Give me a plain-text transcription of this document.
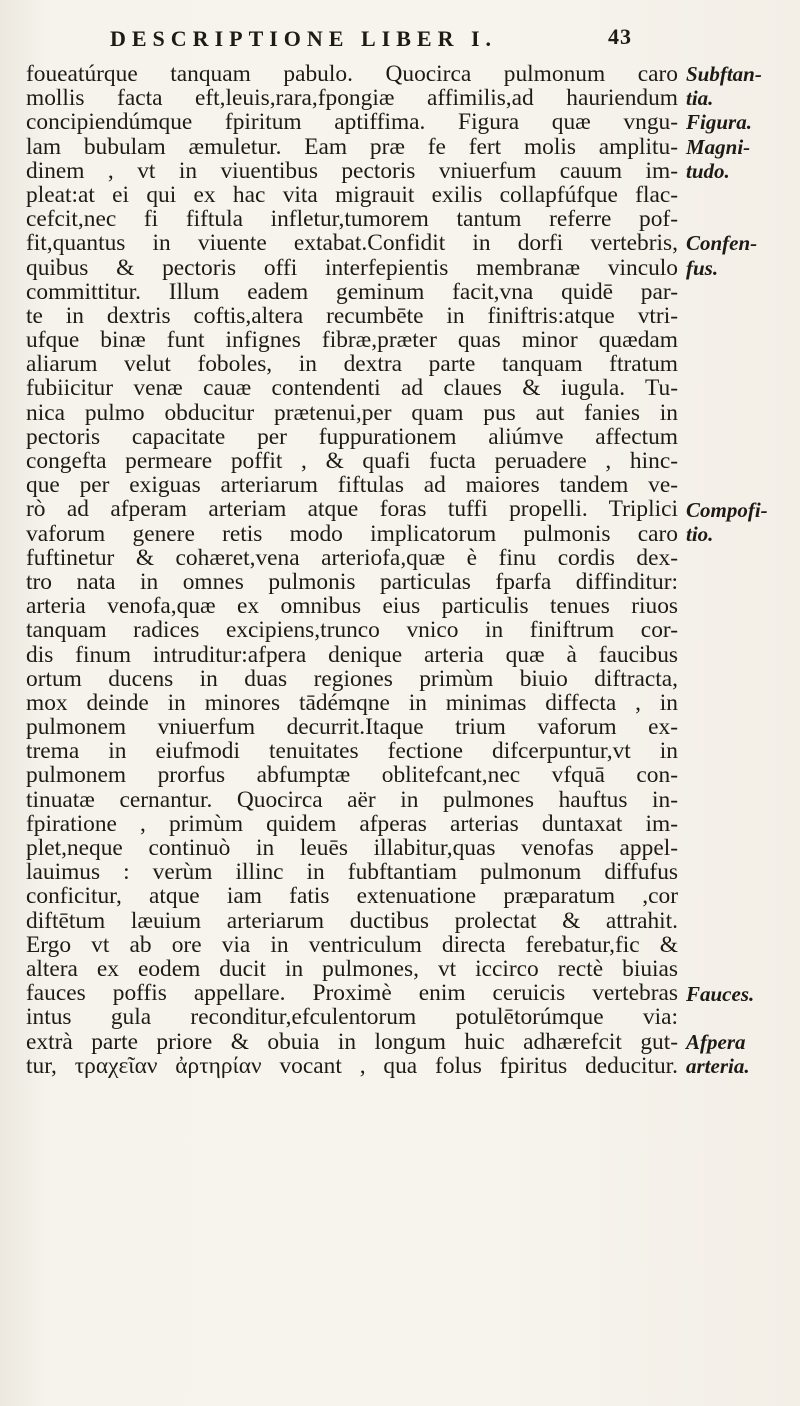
DESCRIPTIONE LIBER I.	43
foueatúrque tanquam pabulo. Quocirca pulmonum caro
mollis facta eft,leuis,rara,fpongiæ affimilis,ad hauriendum
concipiendúmque fpiritum aptiffima. Figura quæ vngu-
lam bubulam æmuletur. Eam præ fe fert molis amplitu-
dinem , vt in viuentibus pectoris vniuerfum cauum im-
pleat:at ei qui ex hac vita migrauit exilis collapfúfque flac-
cefcit,nec fi fiftula infletur,tumorem tantum referre pof-
fit,quantus in viuente extabat.Confidit in dorfi vertebris,
quibus & pectoris offi interfepientis membranæ vinculo
committitur. Illum eadem geminum facit,vna quidē par-
te in dextris coftis,altera recumbēte in finiftris:atque vtri-
ufque binæ funt infignes fibræ,præter quas minor quædam
aliarum velut foboles, in dextra parte tanquam ftratum
fubiicitur venæ cauæ contendenti ad claues & iugula. Tu-
nica pulmo obducitur prætenui,per quam pus aut fanies in
pectoris capacitate per fuppurationem aliúmve affectum
congefta permeare poffit , & quafi fucta peruadere , hinc-
que per exiguas arteriarum fiftulas ad maiores tandem ve-
rò ad afperam arteriam atque foras tuffi propelli. Triplici
vaforum genere retis modo implicatorum pulmonis caro
fuftinetur & cohæret,vena arteriofa,quæ è finu cordis dex-
tro nata in omnes pulmonis particulas fparfa diffinditur:
arteria venofa,quæ ex omnibus eius particulis tenues riuos
tanquam radices excipiens,trunco vnico in finiftrum cor-
dis finum intruditur:afpera denique arteria quæ à faucibus
ortum ducens in duas regiones primùm biuio diftracta,
mox deinde in minores tādémqne in minimas diffecta , in
pulmonem vniuerfum decurrit.Itaque trium vaforum ex-
trema in eiufmodi tenuitates fectione difcerpuntur,vt in
pulmonem prorfus abfumptæ oblitefcant,nec vfquā con-
tinuatæ cernantur. Quocirca aër in pulmones hauftus in-
fpiratione , primùm quidem afperas arterias duntaxat im-
plet,neque continuò in leuēs illabitur,quas venofas appel-
lauimus : verùm illinc in fubftantiam pulmonum diffufus
conficitur, atque iam fatis extenuatione præparatum ,cor
diftētum læuium arteriarum ductibus prolectat & attrahit.
Ergo vt ab ore via in ventriculum directa ferebatur,fic &
altera ex eodem ducit in pulmones, vt iccirco rectè biuias
fauces poffis appellare. Proximè enim ceruicis vertebras
intus gula reconditur,efculentorum potulētorúmque via:
extrà parte priore & obuia in longum huic adhærefcit gut-
tur, τραχεῖαν ἀρτηρίαν vocant , qua folus fpiritus deducitur.
Subftan-
tia.
Figura.
Magni-
tudo.
Confen-
fus.
Compofi-
tio.
Fauces.
Afpera
arteria.
